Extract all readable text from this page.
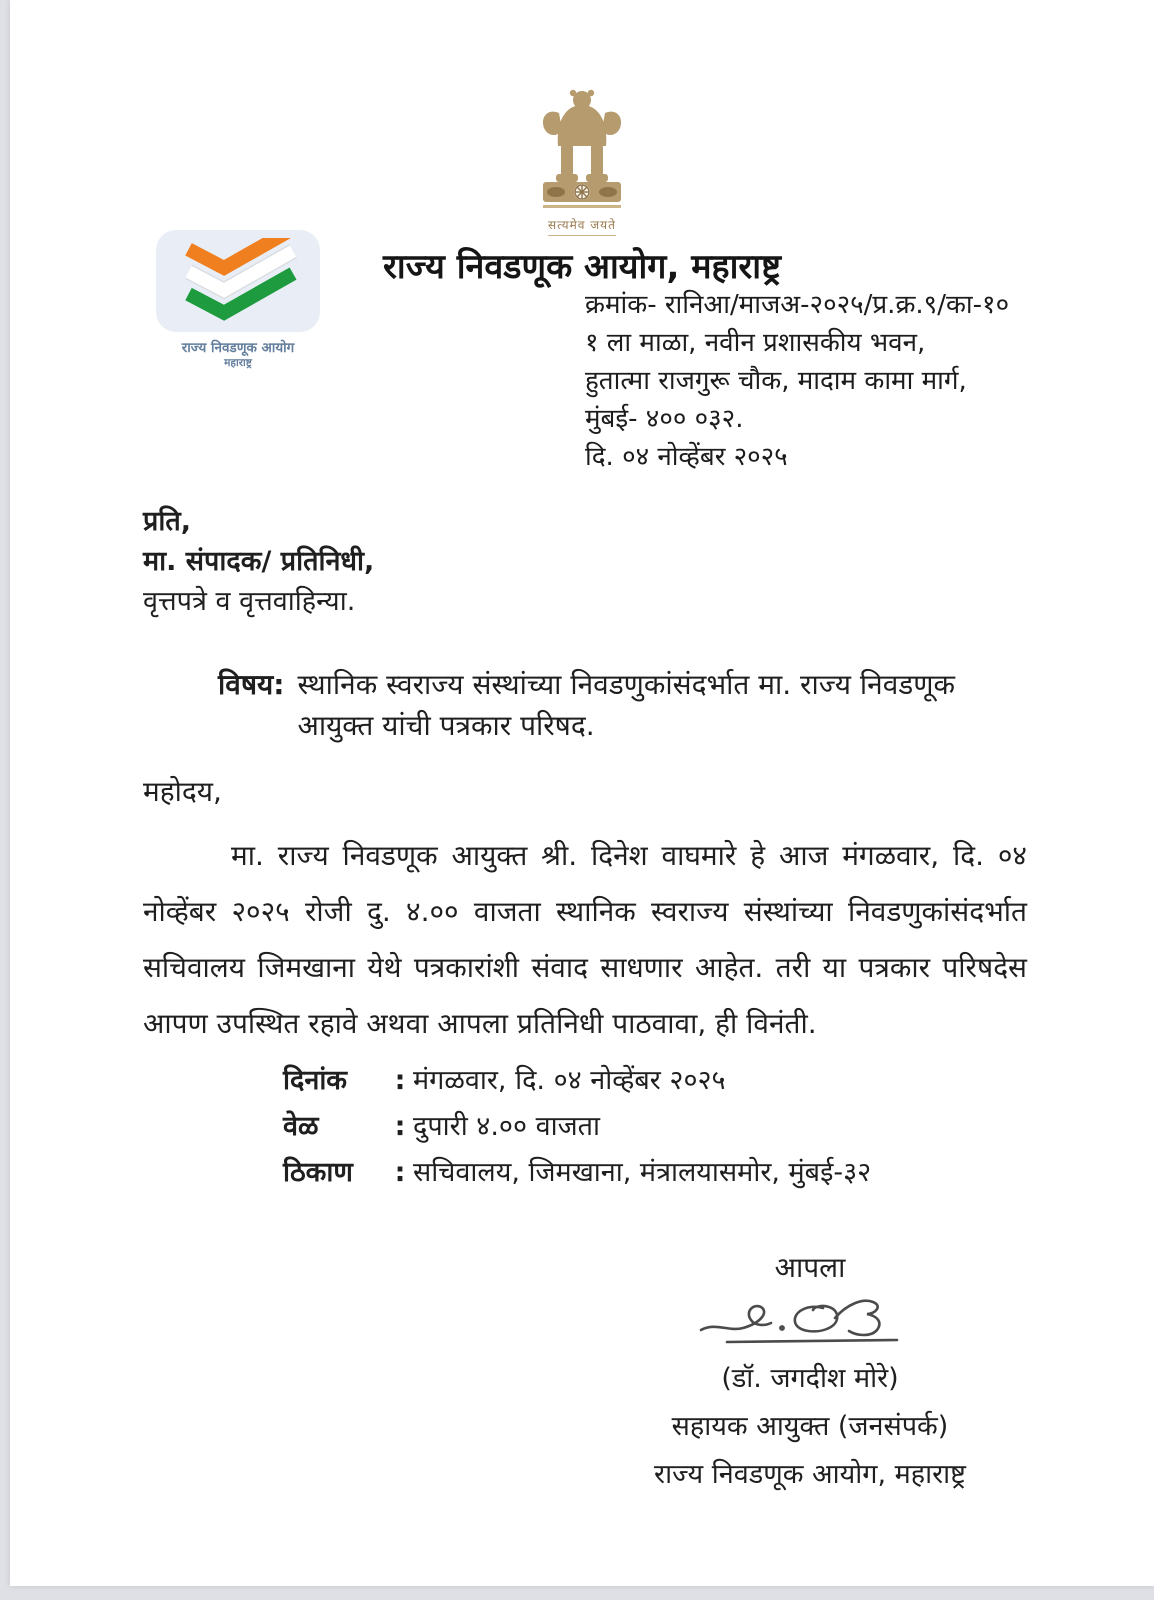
सत्यमेव जयते
राज्य निवडणूक आयोग, महाराष्ट्र
राज्य निवडणूक आयोग
महाराष्ट्र
क्रमांक- रानिआ/माजअ-२०२५/प्र.क्र.९/का-१०
१ ला माळा, नवीन प्रशासकीय भवन,
हुतात्मा राजगुरू चौक, मादाम कामा मार्ग,
मुंबई- ४०० ०३२.
दि. ०४ नोव्हेंबर २०२५
प्रति,
मा. संपादक/ प्रतिनिधी,
वृत्तपत्रे व वृत्तवाहिन्या.
विषय: स्थानिक स्वराज्य संस्थांच्या निवडणुकांसंदर्भात मा. राज्य निवडणूक आयुक्त यांची पत्रकार परिषद.
महोदय,
मा. राज्य निवडणूक आयुक्त श्री. दिनेश वाघमारे हे आज मंगळवार, दि. ०४ नोव्हेंबर २०२५ रोजी दु. ४.०० वाजता स्थानिक स्वराज्य संस्थांच्या निवडणुकांसंदर्भात सचिवालय जिमखाना येथे पत्रकारांशी संवाद साधणार आहेत. तरी या पत्रकार परिषदेस आपण उपस्थित रहावे अथवा आपला प्रतिनिधी पाठवावा, ही विनंती.
दिनांक	: मंगळवार, दि. ०४ नोव्हेंबर २०२५
वेळ	: दुपारी ४.०० वाजता
ठिकाण	: सचिवालय, जिमखाना, मंत्रालयासमोर, मुंबई-३२
आपला
(डॉ. जगदीश मोरे)
सहायक आयुक्त (जनसंपर्क)
राज्य निवडणूक आयोग, महाराष्ट्र
